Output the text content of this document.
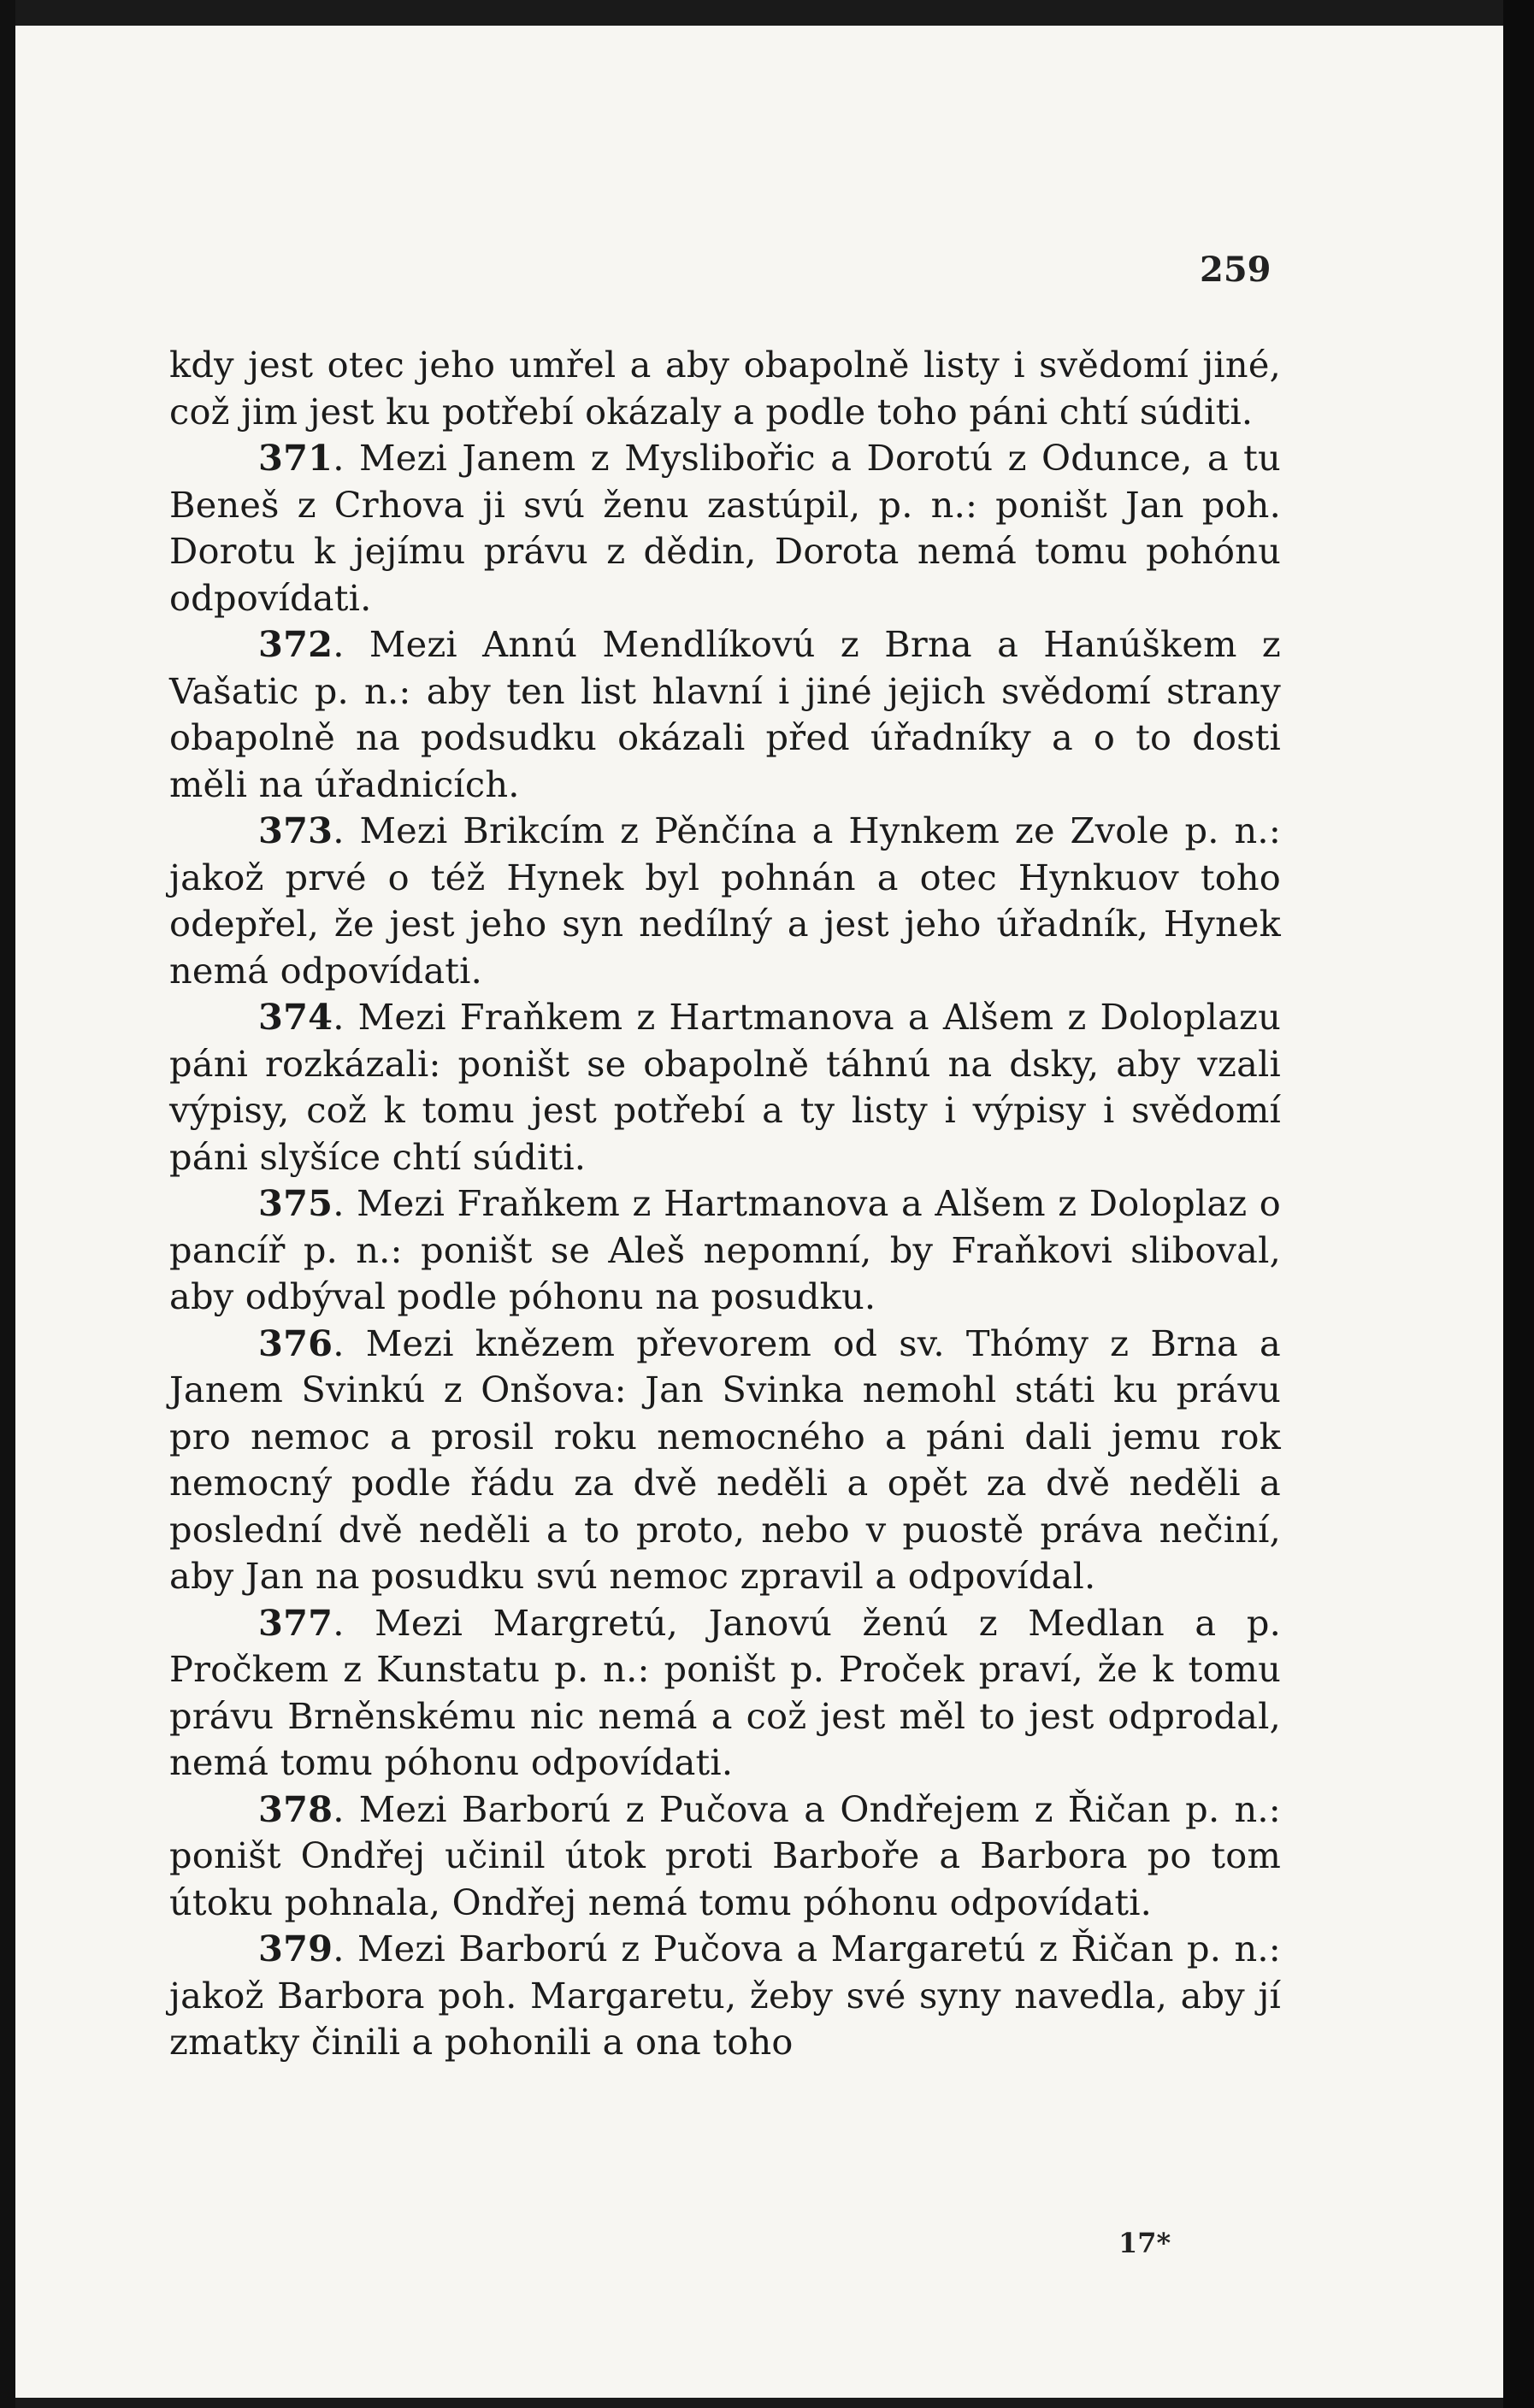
259

kdy jest otec jeho umřel a aby obapolně listy i svědomí jiné, což jim jest ku potřebí okázaly a podle toho páni chtí súditi.

371. Mezi Janem z Myslibořic a Dorotú z Odunce, a tu Beneš z Crhova ji svú ženu zastúpil, p. n.: poništ Jan poh. Dorotu k jejímu právu z dědin, Dorota nemá tomu pohónu odpovídati.

372. Mezi Annú Mendlíkovú z Brna a Hanúškem z Vašatic p. n.: aby ten list hlavní i jiné jejich svědomí strany obapolně na podsudku okázali před úřadníky a o to dosti měli na úřadnicích.

373. Mezi Brikcím z Pěnčína a Hynkem ze Zvole p. n.: jakož prvé o též Hynek byl pohnán a otec Hynkuov toho odepřel, že jest jeho syn nedílný a jest jeho úřadník, Hynek nemá odpovídati.

374. Mezi Fraňkem z Hartmanova a Alšem z Doloplazu páni rozkázali: poništ se obapolně táhnú na dsky, aby vzali výpisy, což k tomu jest potřebí a ty listy i výpisy i svědomí páni slyšíce chtí súditi.

375. Mezi Fraňkem z Hartmanova a Alšem z Doloplaz o pancíř p. n.: poništ se Aleš nepomní, by Fraňkovi sliboval, aby odbýval podle póhonu na posudku.

376. Mezi knězem převorem od sv. Thómy z Brna a Janem Svinkú z Onšova: Jan Svinka nemohl státi ku právu pro nemoc a prosil roku nemocného a páni dali jemu rok nemocný podle řádu za dvě neděli a opět za dvě neděli a poslední dvě neděli a to proto, nebo v puostě práva nečiní, aby Jan na posudku svú nemoc zpravil a odpovídal.

377. Mezi Margretú, Janovú ženú z Medlan a p. Pročkem z Kunstatu p. n.: poništ p. Proček praví, že k tomu právu Brněnskému nic nemá a což jest měl to jest odprodal, nemá tomu póhonu odpovídati.

378. Mezi Barború z Pučova a Ondřejem z Řičan p. n.: poništ Ondřej učinil útok proti Barboře a Barbora po tom útoku pohnala, Ondřej nemá tomu póhonu odpovídati.

379. Mezi Barború z Pučova a Margaretú z Řičan p. n.: jakož Barbora poh. Margaretu, žeby své syny navedla, aby jí zmatky činili a pohonili a ona toho

17*
